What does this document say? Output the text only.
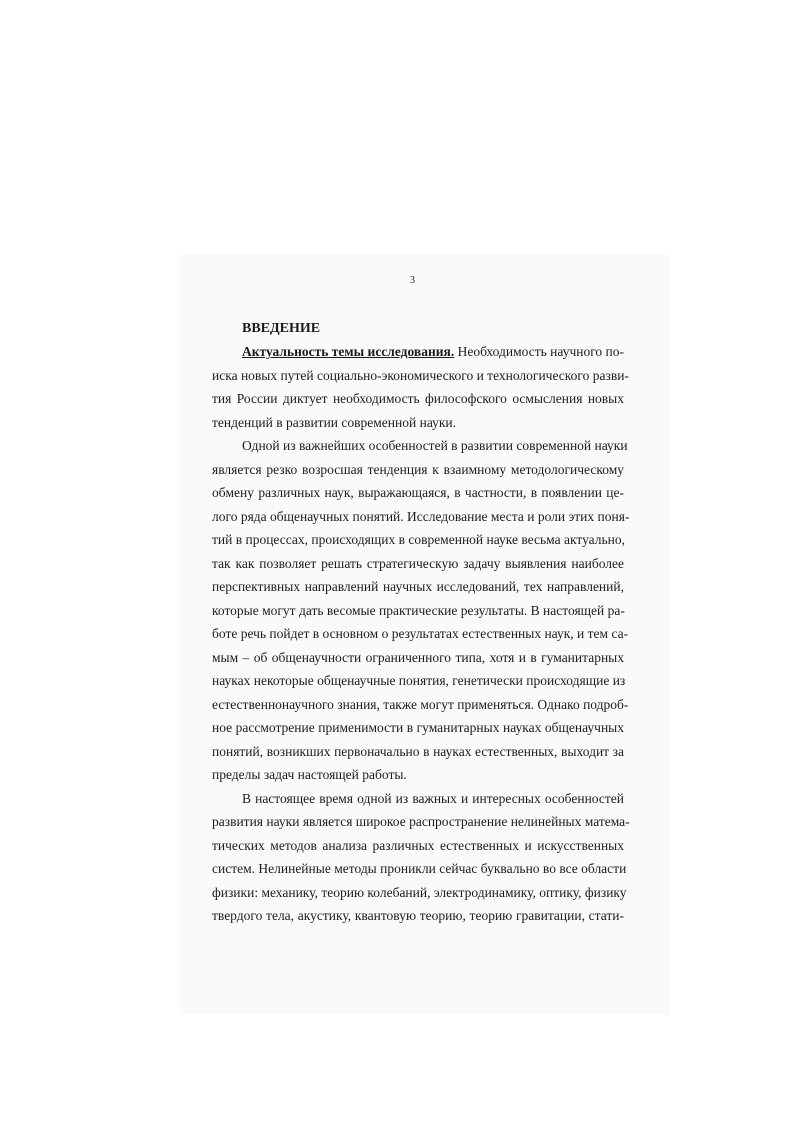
3
ВВЕДЕНИЕ
Актуальность темы исследования. Необходимость научного по-
иска новых путей социально-экономического и технологического разви-
тия России диктует необходимость философского осмысления новых
тенденций в развитии современной науки.
Одной из важнейших особенностей в развитии современной науки
является резко возросшая тенденция к взаимному методологическому
обмену различных наук, выражающаяся, в частности, в появлении це-
лого ряда общенаучных понятий. Исследование места и роли этих поня-
тий в процессах, происходящих в современной науке весьма актуально,
так как позволяет решать стратегическую задачу выявления наиболее
перспективных направлений научных исследований, тех направлений,
которые могут дать весомые практические результаты. В настоящей ра-
боте речь пойдет в основном о результатах естественных наук, и тем са-
мым – об общенаучности ограниченного типа, хотя и в гуманитарных
науках некоторые общенаучные понятия, генетически происходящие из
естественнонаучного знания, также могут применяться. Однако подроб-
ное рассмотрение применимости в гуманитарных науках общенаучных
понятий, возникших первоначально в науках естественных, выходит за
пределы задач настоящей работы.
В настоящее время одной из важных и интересных особенностей
развития науки является широкое распространение нелинейных матема-
тических методов анализа различных естественных и искусственных
систем. Нелинейные методы проникли сейчас буквально во все области
физики: механику, теорию колебаний, электродинамику, оптику, физику
твердого тела, акустику, квантовую теорию, теорию гравитации, стати-
